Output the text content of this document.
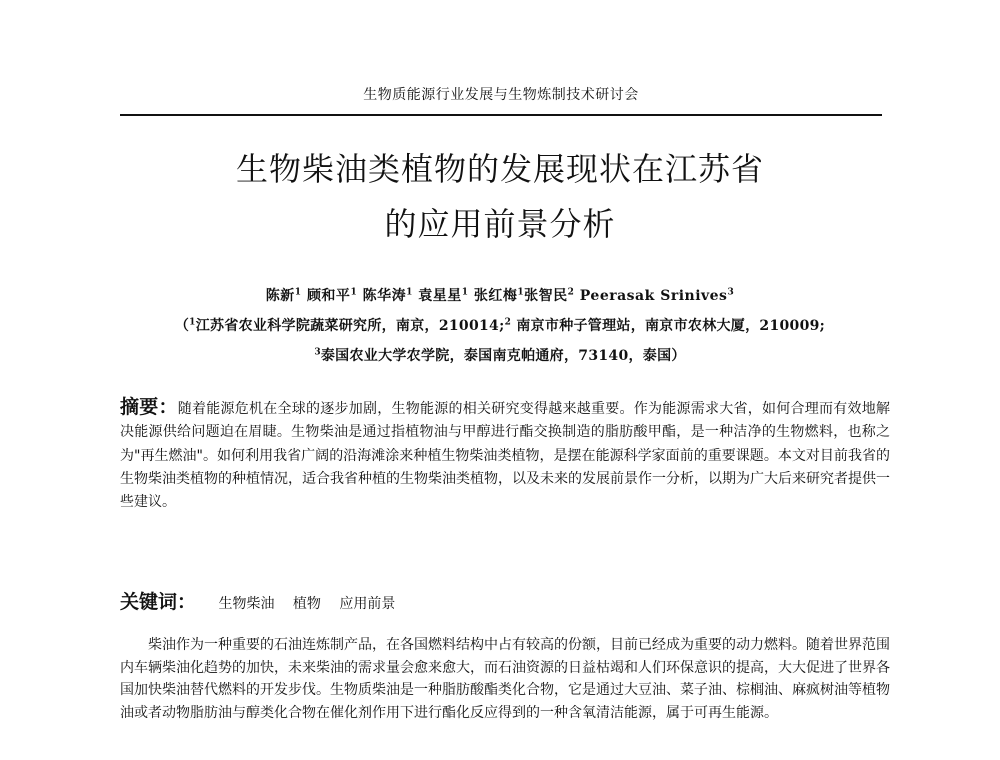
生物质能源行业发展与生物炼制技术研讨会
生物柴油类植物的发展现状在江苏省
的应用前景分析
陈新$^1$ 顾和平$^1$ 陈华涛$^1$ 袁星星$^1$ 张红梅$^1$张智民$^2$ Peerasak Srinives$^3$
（$^1$江苏省农业科学院蔬菜研究所，南京，210014;$^2$ 南京市种子管理站，南京市农林大厦，210009;
$^3$泰国农业大学农学院，泰国南克帕通府，73140，泰国）
摘要：随着能源危机在全球的逐步加剧，生物能源的相关研究变得越来越重要。作为能源需求大省，如何合理而有效地解决能源供给问题迫在眉睫。生物柴油是通过指植物油与甲醇进行酯交换制造的脂肪酸甲酯，是一种洁净的生物燃料，也称之为"再生燃油"。如何利用我省广阔的沿海滩涂来种植生物柴油类植物，是摆在能源科学家面前的重要课题。本文对目前我省的生物柴油类植物的种植情况，适合我省种植的生物柴油类植物，以及未来的发展前景作一分析，以期为广大后来研究者提供一些建议。
关键词： 生物柴油 植物 应用前景
柴油作为一种重要的石油连炼制产品，在各国燃料结构中占有较高的份额，目前已经成为重要的动力燃料。随着世界范围内车辆柴油化趋势的加快，未来柴油的需求量会愈来愈大，而石油资源的日益枯竭和人们环保意识的提高，大大促进了世界各国加快柴油替代燃料的开发步伐。生物质柴油是一种脂肪酸酯类化合物，它是通过大豆油、菜子油、棕榈油、麻疯树油等植物油或者动物脂肪油与醇类化合物在催化剂作用下进行酯化反应得到的一种含氧清洁能源，属于可再生能源。
